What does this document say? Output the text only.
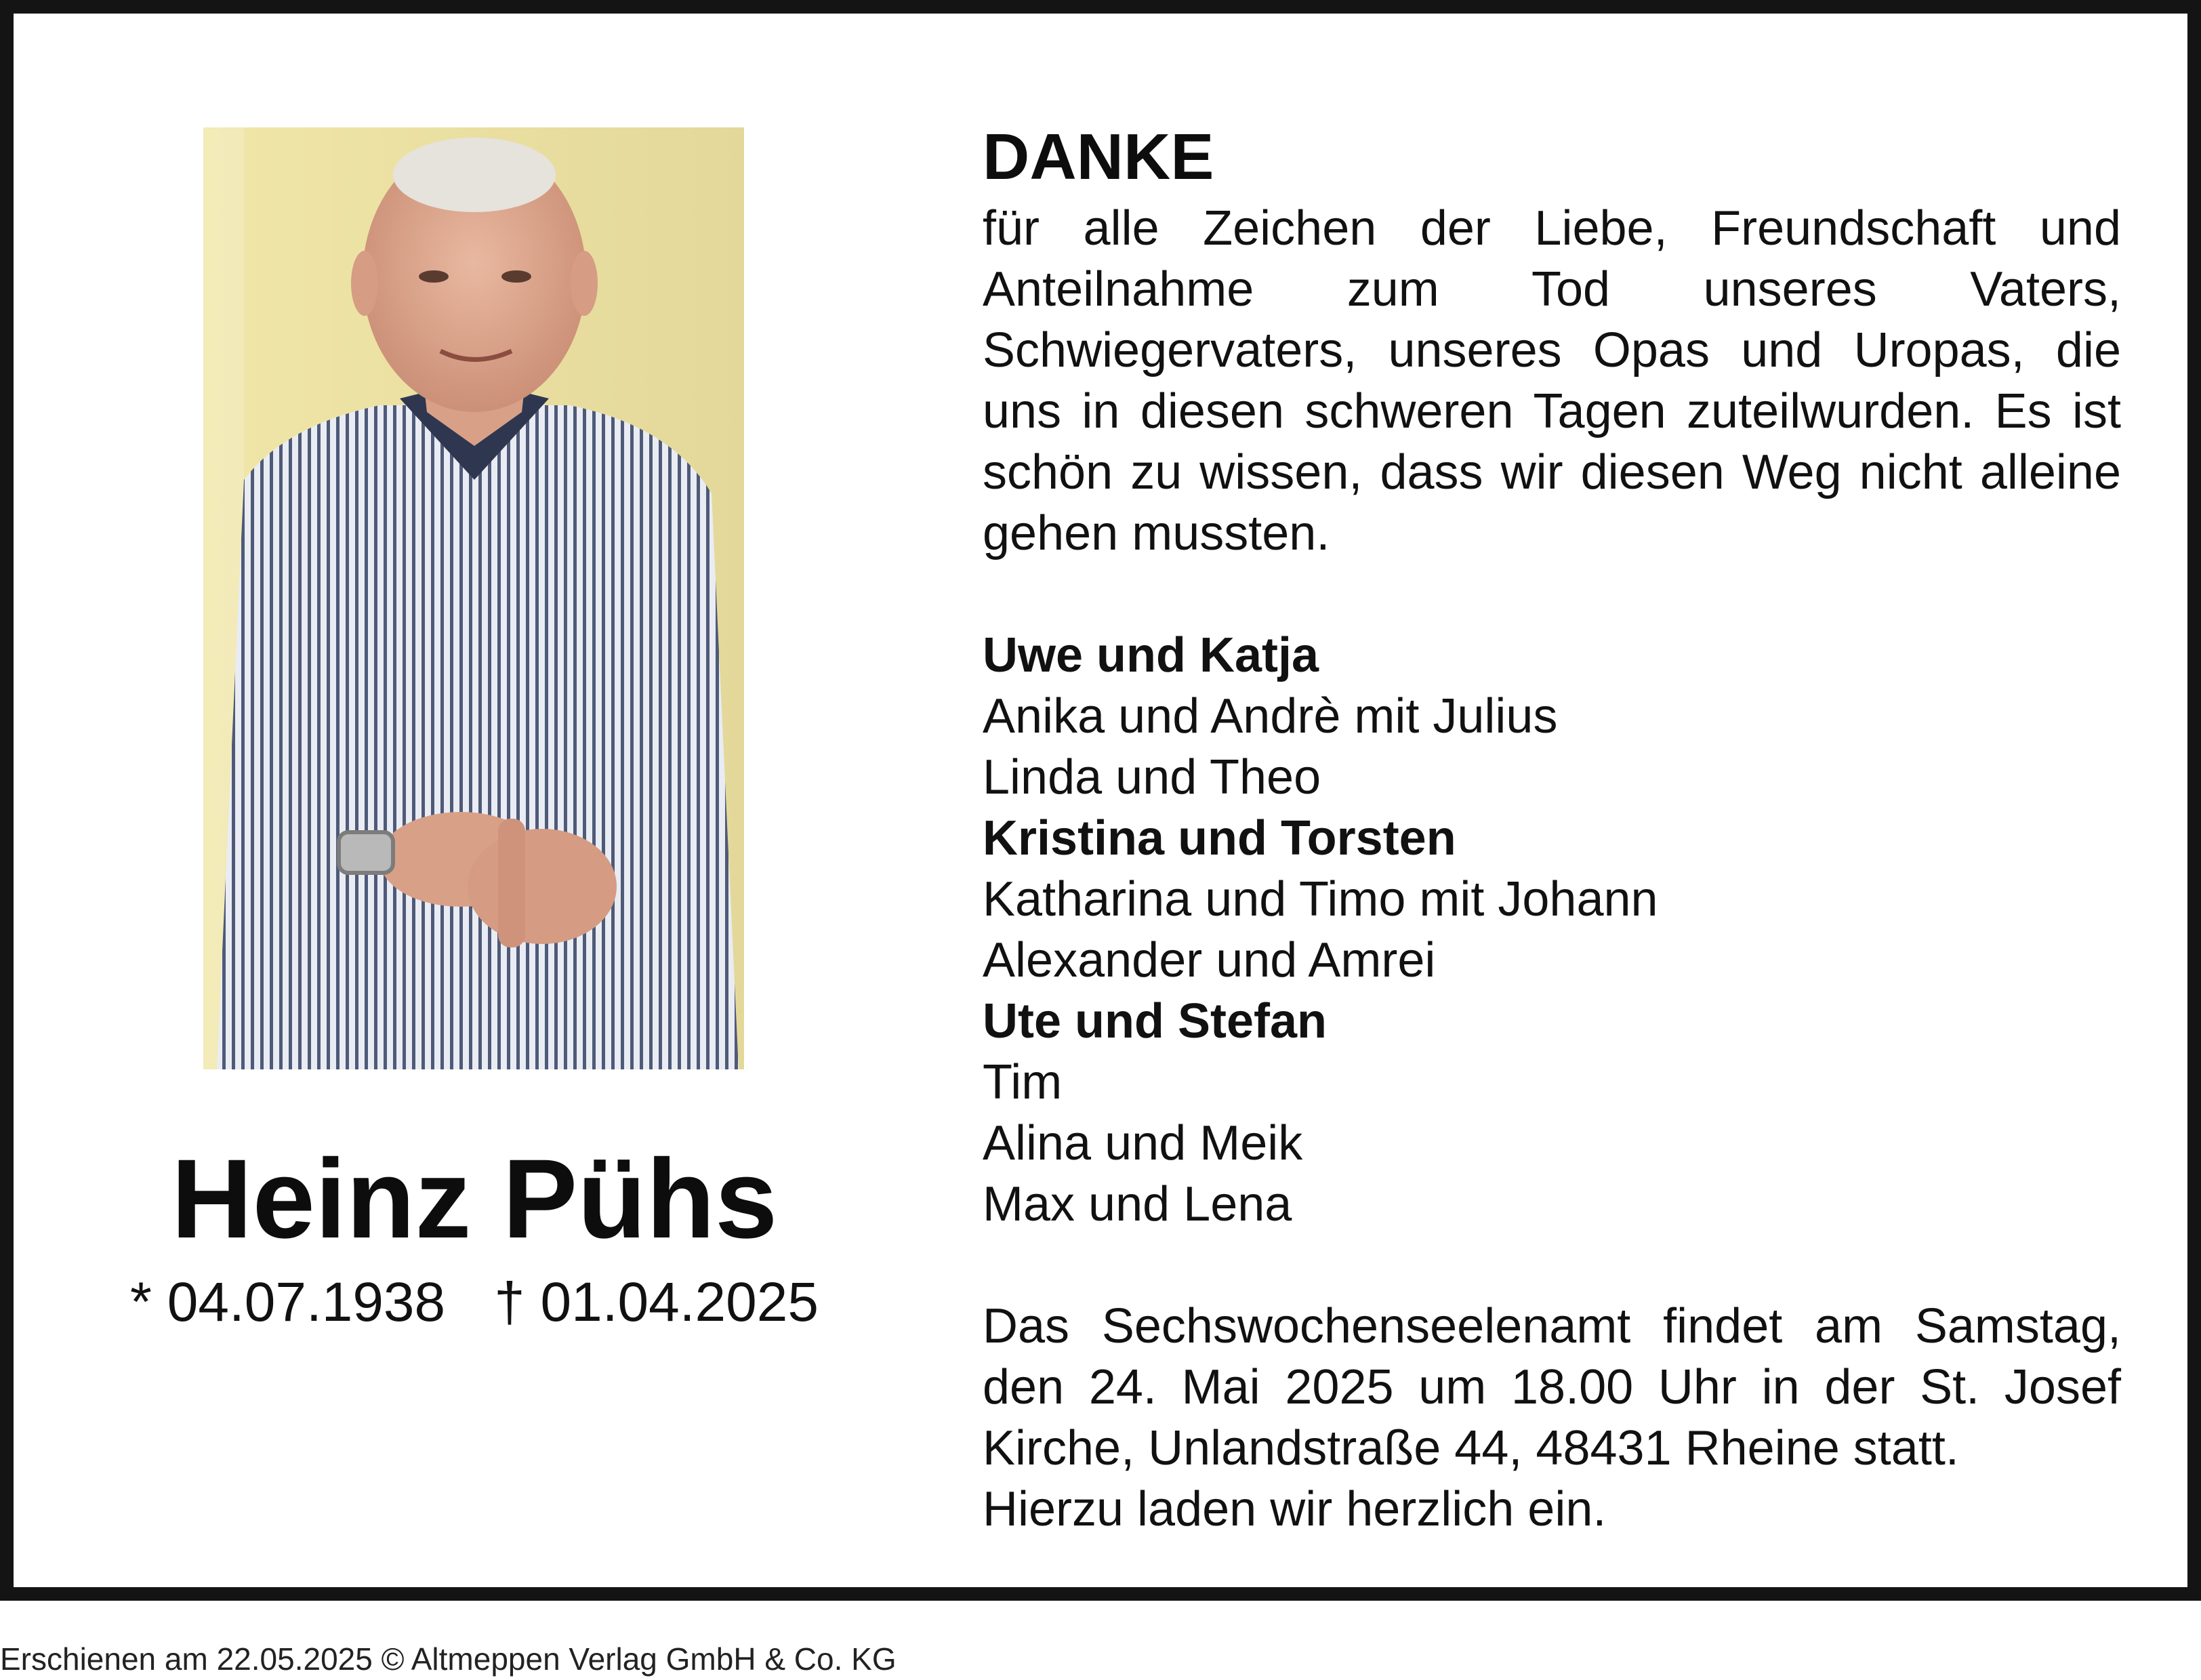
Heinz Pühs
* 04.07.1938 † 01.04.2025
DANKE

für alle Zeichen der Liebe, Freundschaft und Anteilnahme zum Tod unseres Vaters, Schwiegervaters, unseres Opas und Uropas, die uns in diesen schweren Tagen zuteilwurden. Es ist schön zu wissen, dass wir diesen Weg nicht alleine gehen mussten.

Uwe und Katja
Anika und Andrè mit Julius
Linda und Theo
Kristina und Torsten
Katharina und Timo mit Johann
Alexander und Amrei
Ute und Stefan
Tim
Alina und Meik
Max und Lena

Das Sechswochenseelenamt findet am Samstag, den 24. Mai 2025 um 18.00 Uhr in der St. Josef Kirche, Unlandstraße 44, 48431 Rheine statt.
Hierzu laden wir herzlich ein.

Erschienen am 22.05.2025 © Altmeppen Verlag GmbH & Co. KG
